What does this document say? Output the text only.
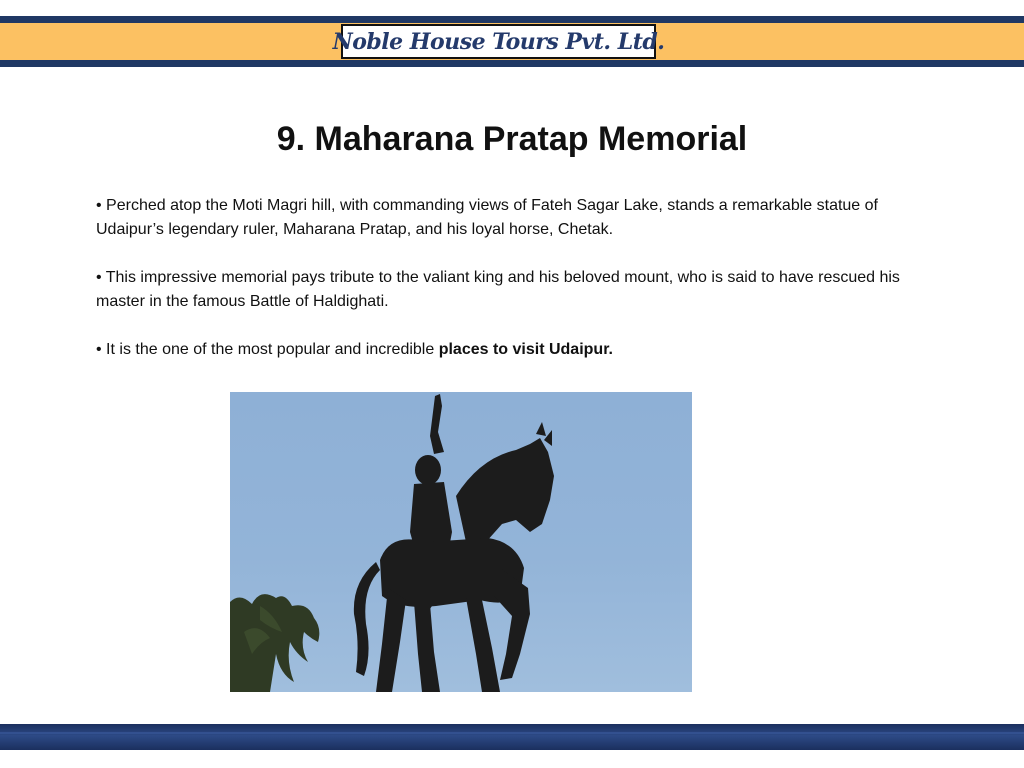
Noble House Tours Pvt. Ltd.
9. Maharana Pratap Memorial

• Perched atop the Moti Magri hill, with commanding views of Fateh Sagar Lake, stands a remarkable statue of Udaipur’s legendary ruler, Maharana Pratap, and his loyal horse, Chetak.

• This impressive memorial pays tribute to the valiant king and his beloved mount, who is said to have rescued his master in the famous Battle of Haldighati.

• It is the one of the most popular and incredible places to visit Udaipur.
